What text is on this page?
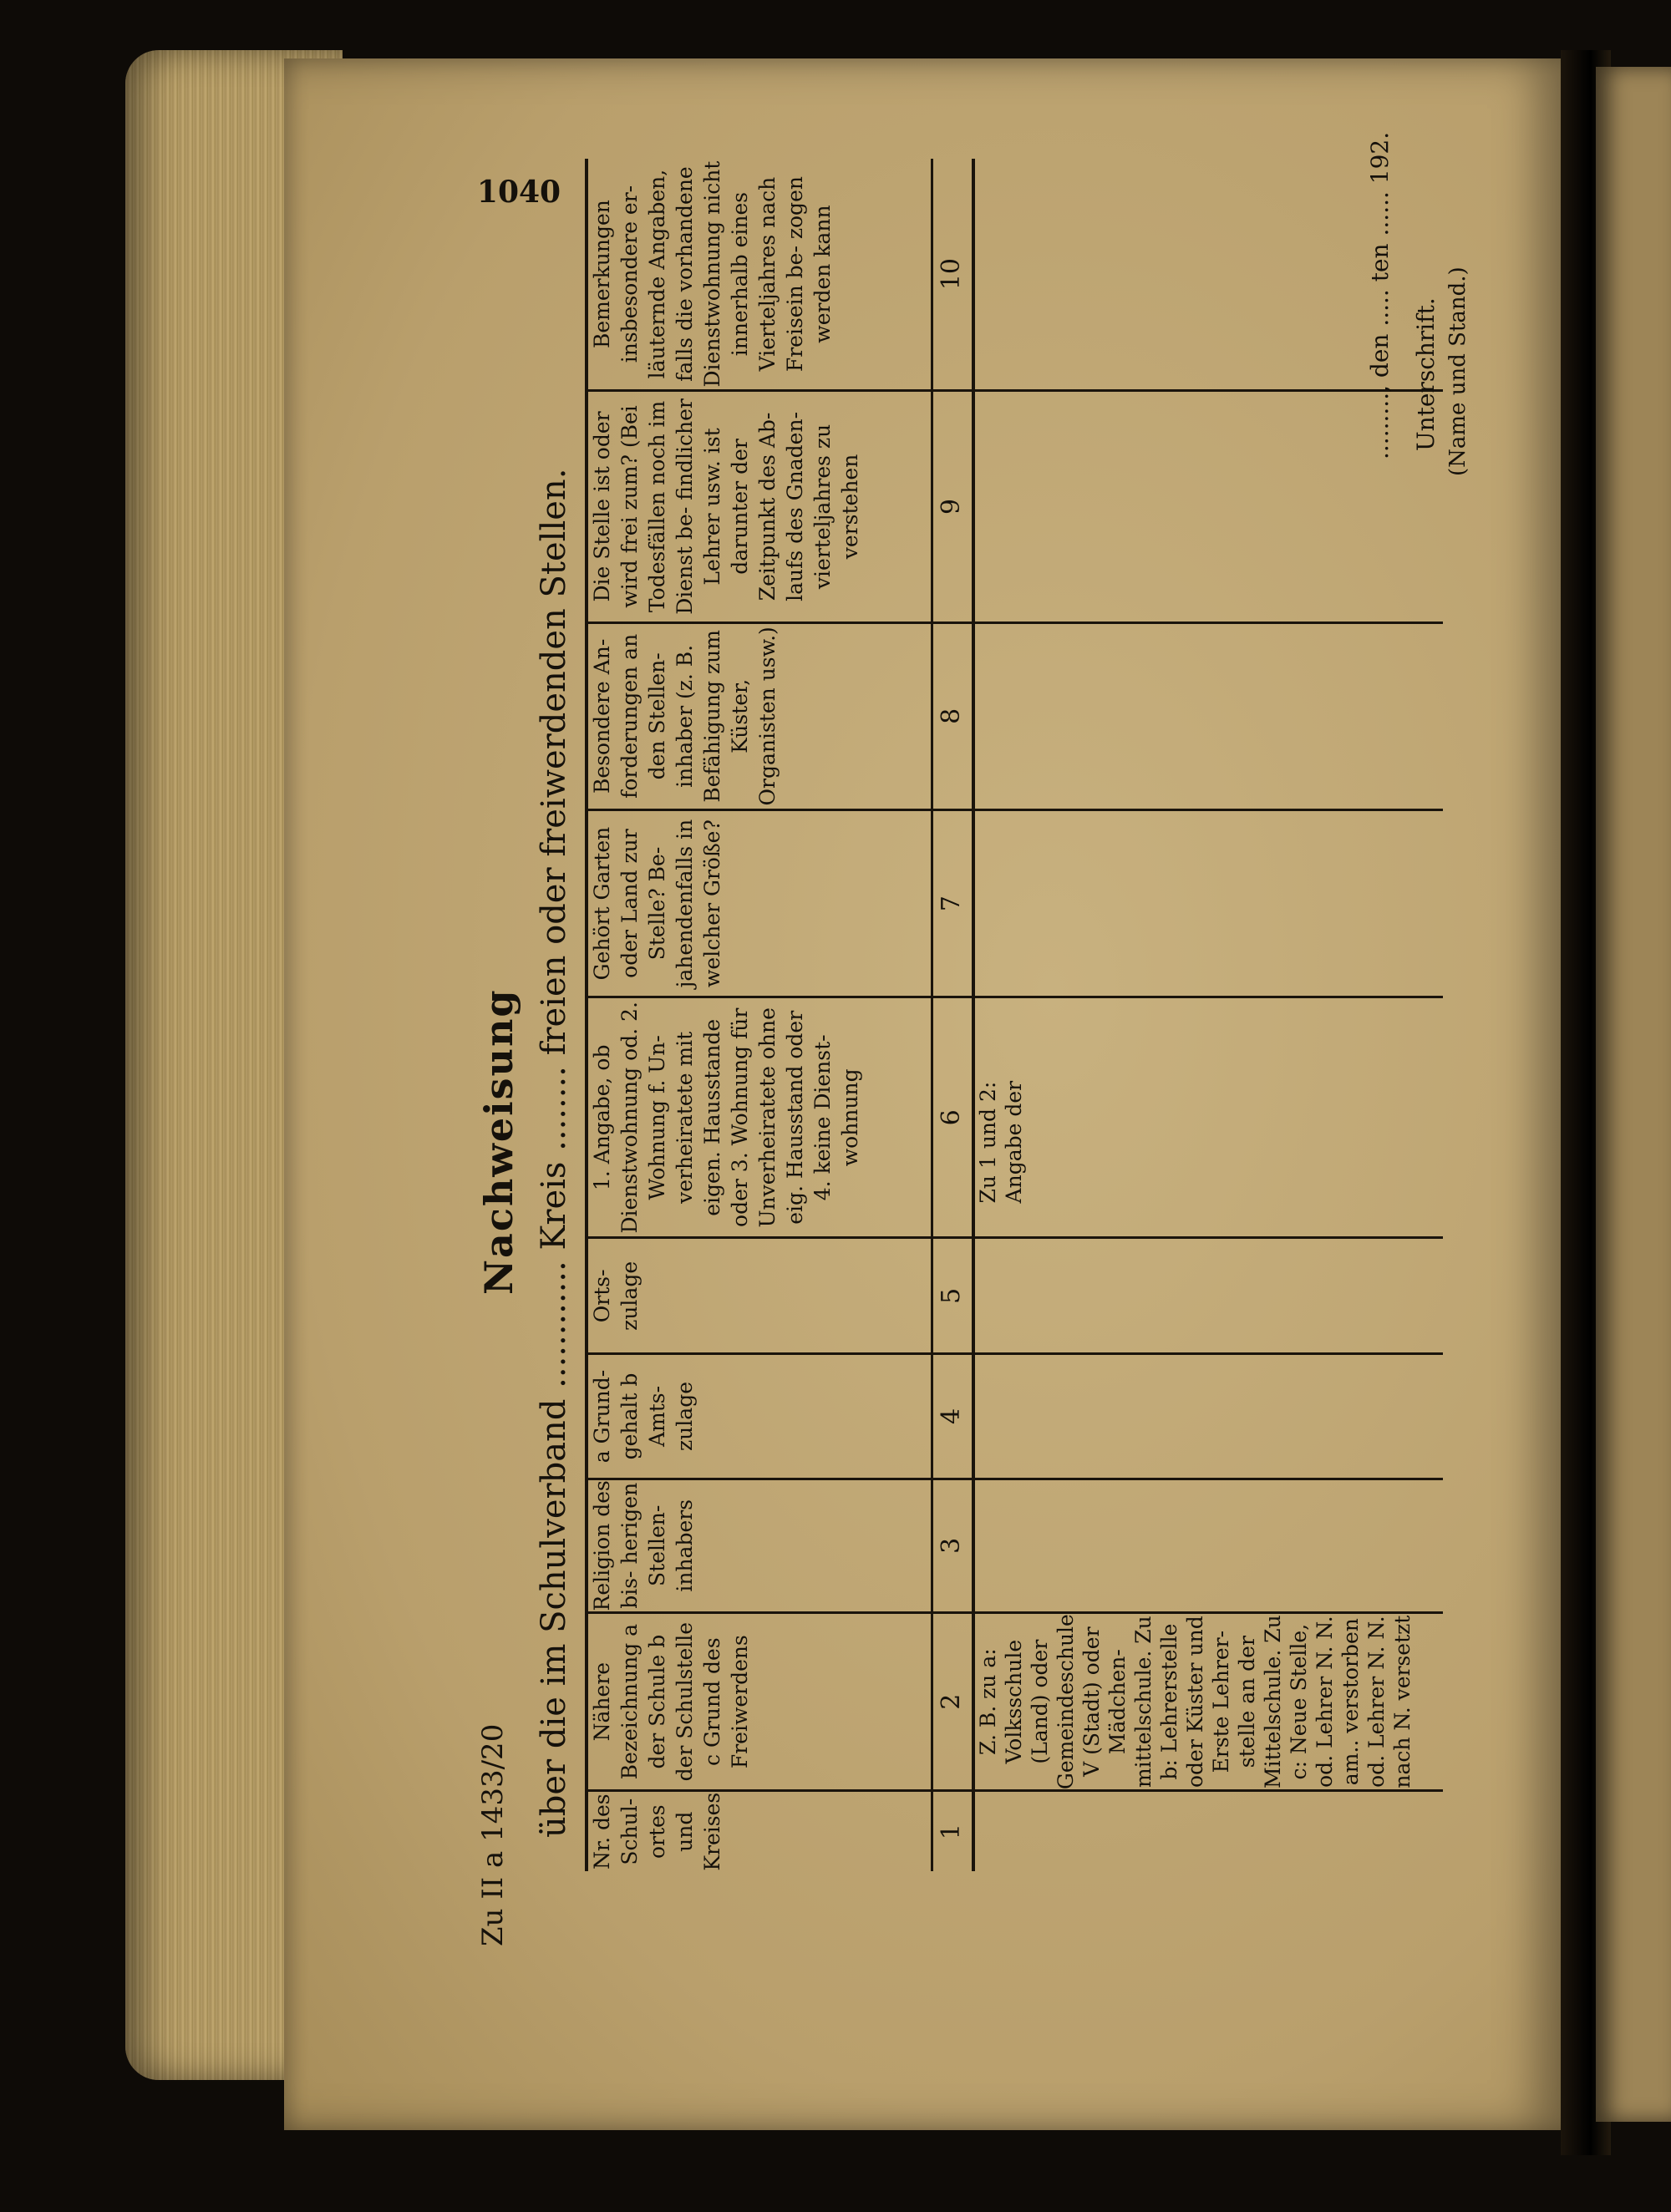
Zu II a 1433/20
Nachweisung über die im Schulverband ............ Kreis ........ freien oder freiwerdenden Stellen.
1040
Nr. des Schul- ortes und Kreises	Nähere Bezeichnung a der Schule b der Schulstelle c Grund des Freiwerdens	Religion des bis- herigen Stellen- inhabers	a Grund- gehalt b Amts- zulage	Orts- zulage	1. Angabe, ob Dienstwohnung od. 2. Wohnung f. Un- verheiratete mit eigen. Hausstande oder 3. Wohnung für Unverheiratete ohne eig. Hausstand oder 4. keine Dienst- wohnung	Gehört Garten oder Land zur Stelle? Be- jahendenfalls in welcher Größe?	Besondere An- forderungen an den Stellen- inhaber (z. B. Befähigung zum Küster, Organisten usw.)	Die Stelle ist oder wird frei zum? (Bei Todesfällen noch im Dienst be- findlicher Lehrer usw. ist darunter der Zeitpunkt des Ab- laufs des Gnaden- vierteljahres zu verstehen	Bemerkungen insbesondere er- läuternde Angaben, falls die vorhandene Dienstwohnung nicht innerhalb eines Vierteljahres nach Freisein be- zogen werden kann
1	2	3	4	5	6	7	8	9	10
	Z. B. zu a: Volksschule (Land) oder Gemeindeschule V (Stadt) oder Mädchen- mittelschule. Zu b: Lehrerstelle oder Küster und Erste Lehrer- stelle an der Mittelschule. Zu c: Neue Stelle, od. Lehrer N. N. am.. verstorben od. Lehrer N. N. nach N. versetzt				Zu 1 und 2: Angabe der				
........., den ..... ten ...... 192. Unterschrift. (Name und Stand.)
